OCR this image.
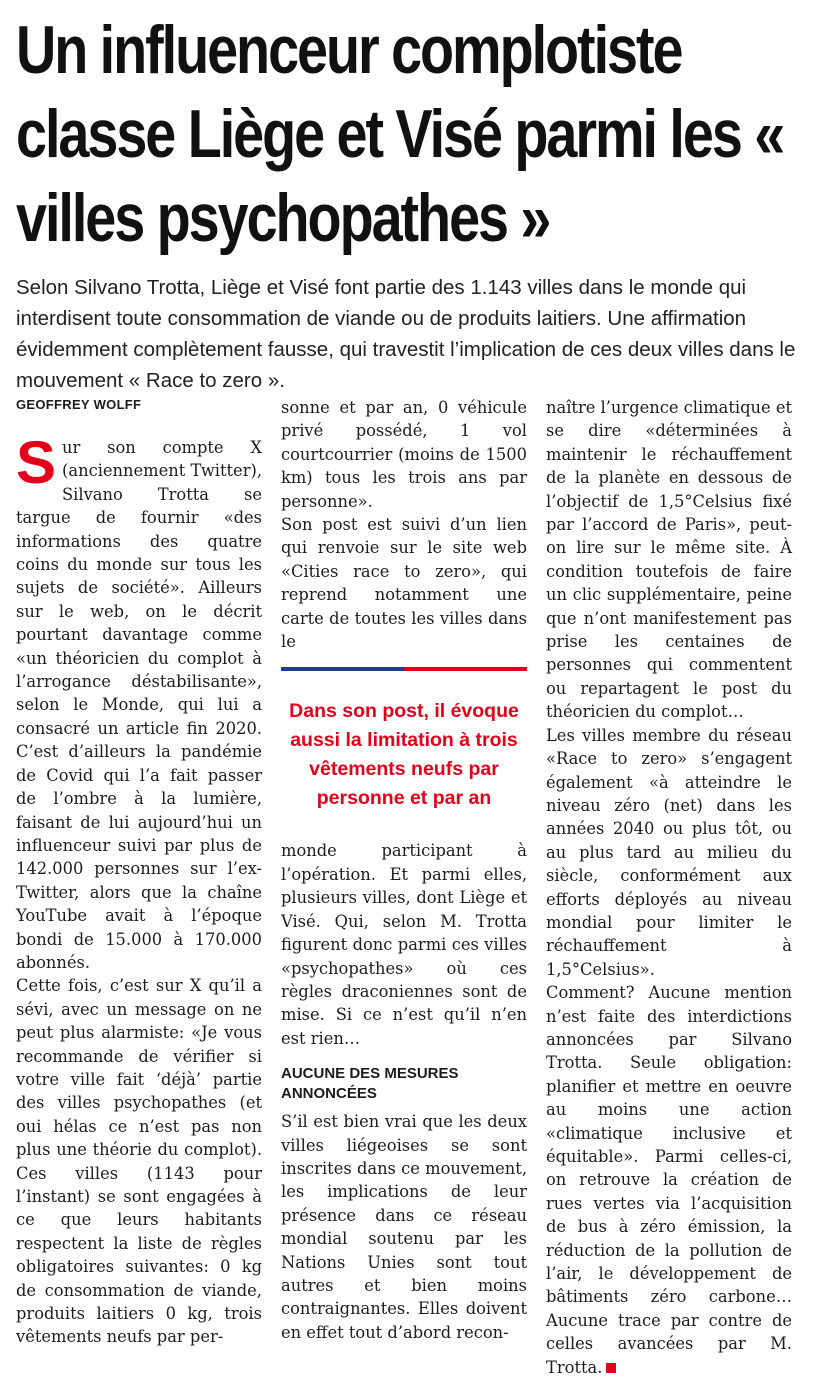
Un influenceur complotiste classe Liège et Visé parmi les « villes psychopathes »

Selon Silvano Trotta, Liège et Visé font partie des 1.143 villes dans le monde qui interdisent toute consommation de viande ou de produits laitiers. Une affirmation évidemment complètement fausse, qui travestit l’implication de ces deux villes dans le mouvement « Race to zero ».

GEOFFREY WOLFF

Sur son compte X (anciennement Twitter), Silvano Trotta se targue de fournir «des informations des quatre coins du monde sur tous les sujets de société». Ailleurs sur le web, on le décrit pourtant davantage comme «un théoricien du complot à l’arrogance déstabilisante», selon le Monde, qui lui a consacré un article fin 2020. C’est d’ailleurs la pandémie de Covid qui l’a fait passer de l’ombre à la lumière, faisant de lui aujourd’hui un influenceur suivi par plus de 142.000 personnes sur l’ex-Twitter, alors que la chaîne YouTube avait à l’époque bondi de 15.000 à 170.000 abonnés.

Cette fois, c’est sur X qu’il a sévi, avec un message on ne peut plus alarmiste: «Je vous recommande de vérifier si votre ville fait ‘déjà’ partie des villes psychopathes (et oui hélas ce n’est pas non plus une théorie du complot). Ces villes (1143 pour l’instant) se sont engagées à ce que leurs habitants respectent la liste de règles obligatoires suivantes: 0 kg de consommation de viande, produits laitiers 0 kg, trois vêtements neufs par per-

sonne et par an, 0 véhicule privé possédé, 1 vol courtcourrier (moins de 1500 km) tous les trois ans par personne».

Son post est suivi d’un lien qui renvoie sur le site web «Cities race to zero», qui reprend notamment une carte de toutes les villes dans le

Dans son post, il évoque aussi la limitation à trois vêtements neufs par personne et par an

monde participant à l’opération. Et parmi elles, plusieurs villes, dont Liège et Visé. Qui, selon M. Trotta figurent donc parmi ces villes «psychopathes» où ces règles draconiennes sont de mise. Si ce n’est qu’il n’en est rien…

AUCUNE DES MESURES ANNONCÉES

S’il est bien vrai que les deux villes liégeoises se sont inscrites dans ce mouvement, les implications de leur présence dans ce réseau mondial soutenu par les Nations Unies sont tout autres et bien moins contraignantes. Elles doivent en effet tout d’abord recon-

naître l’urgence climatique et se dire «déterminées à maintenir le réchauffement de la planète en dessous de l’objectif de 1,5°Celsius fixé par l’accord de Paris», peut-on lire sur le même site. À condition toutefois de faire un clic supplémentaire, peine que n’ont manifestement pas prise les centaines de personnes qui commentent ou repartagent le post du théoricien du complot…

Les villes membre du réseau «Race to zero» s’engagent également «à atteindre le niveau zéro (net) dans les années 2040 ou plus tôt, ou au plus tard au milieu du siècle, conformément aux efforts déployés au niveau mondial pour limiter le réchauffement à 1,5°Celsius».

Comment? Aucune mention n’est faite des interdictions annoncées par Silvano Trotta. Seule obligation: planifier et mettre en oeuvre au moins une action «climatique inclusive et équitable». Parmi celles-ci, on retrouve la création de rues vertes via l’acquisition de bus à zéro émission, la réduction de la pollution de l’air, le développement de bâtiments zéro carbone… Aucune trace par contre de celles avancées par M. Trotta.
